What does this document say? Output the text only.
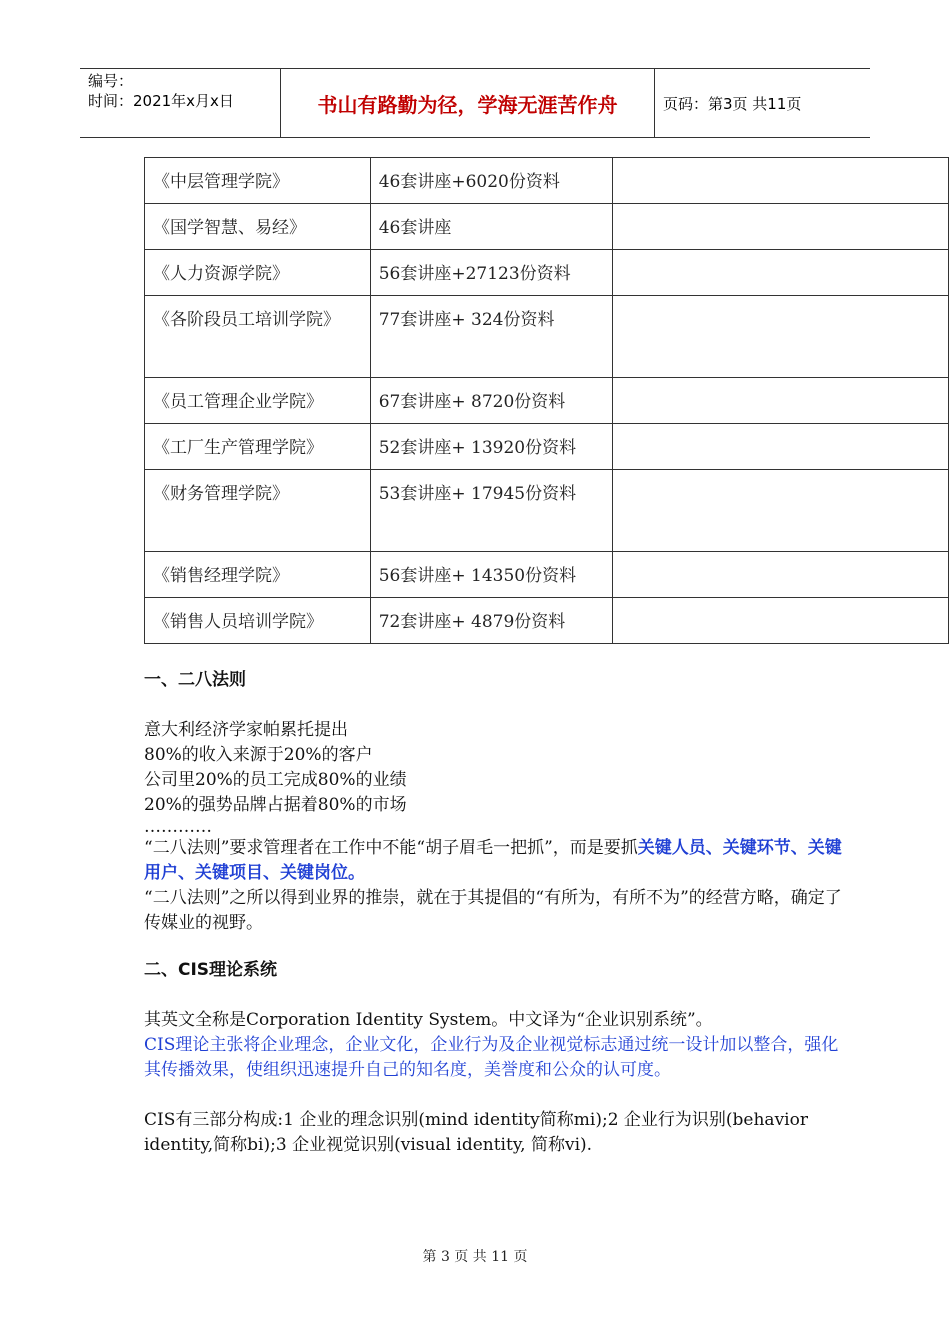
编号：
时间：2021年x月x日	书山有路勤为径，学海无涯苦作舟	页码：第3页 共11页
《中层管理学院》	46套讲座+6020份资料	
《国学智慧、易经》	46套讲座	
《人力资源学院》	56套讲座+27123份资料	
《各阶段员工培训学院》	77套讲座+ 324份资料	
《员工管理企业学院》	67套讲座+ 8720份资料	
《工厂生产管理学院》	52套讲座+ 13920份资料	
《财务管理学院》	53套讲座+ 17945份资料	
《销售经理学院》	56套讲座+ 14350份资料	
《销售人员培训学院》	72套讲座+ 4879份资料	
一、二八法则
意大利经济学家帕累托提出
80%的收入来源于20%的客户
公司里20%的员工完成80%的业绩
20%的强势品牌占据着80%的市场
…………
“二八法则”要求管理者在工作中不能“胡子眉毛一把抓”，而是要抓关键人员、关键环节、关键用户、关键项目、关键岗位。
“二八法则”之所以得到业界的推崇，就在于其提倡的“有所为，有所不为”的经营方略，确定了传媒业的视野。
二、CIS理论系统
其英文全称是Corporation Identity System。中文译为“企业识别系统”。
CIS理论主张将企业理念，企业文化，企业行为及企业视觉标志通过统一设计加以整合，强化其传播效果，使组织迅速提升自己的知名度，美誉度和公众的认可度。
CIS有三部分构成:1 企业的理念识别(mind identity简称mi);2 企业行为识别(behavior identity,简称bi);3 企业视觉识别(visual identity, 简称vi).
第 3 页 共 11 页
